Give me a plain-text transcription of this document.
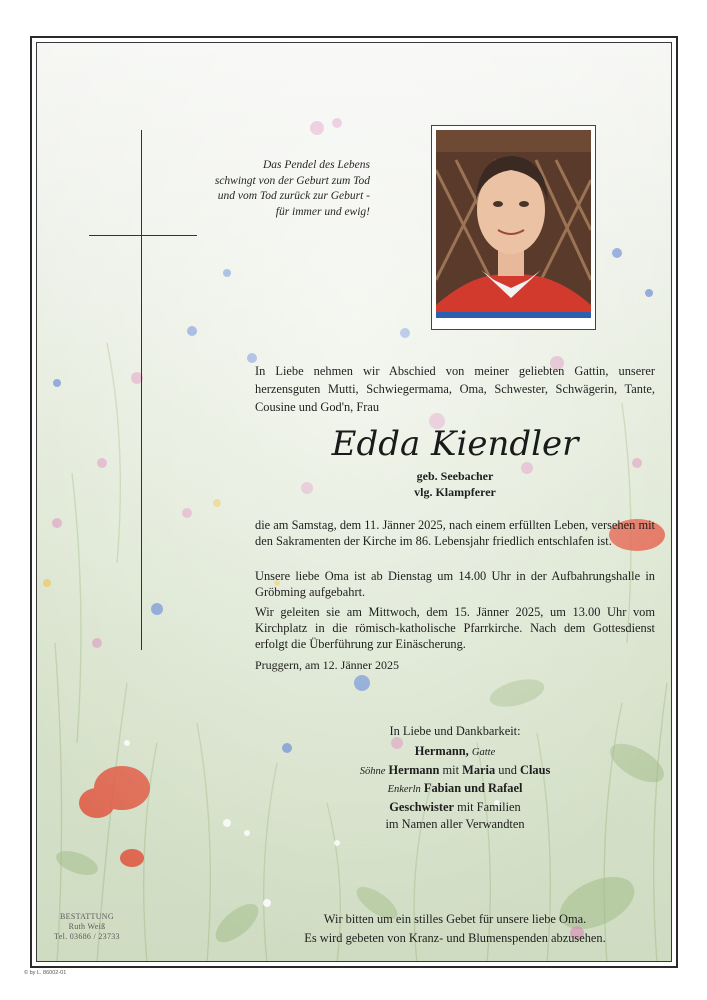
Das Pendel des Lebens
schwingt von der Geburt zum Tod
und vom Tod zurück zur Geburt -
für immer und ewig!
In Liebe nehmen wir Abschied von meiner geliebten Gattin, unserer herzensguten Mutti, Schwiegermama, Oma, Schwester, Schwägerin, Tante, Cousine und God'n, Frau
Edda Kiendler
geb. Seebacher
vlg. Klampferer
die am Samstag, dem 11. Jänner 2025, nach einem erfüllten Leben, versehen mit den Sakramenten der Kirche im 86. Lebensjahr friedlich entschlafen ist.
Unsere liebe Oma ist ab Dienstag um 14.00 Uhr in der Aufbahrungshalle in Gröbming aufgebahrt.
Wir geleiten sie am Mittwoch, dem 15. Jänner 2025, um 13.00 Uhr vom Kirchplatz in die römisch-katholische Pfarrkirche. Nach dem Gottesdienst erfolgt die Überführung zur Einäscherung.
Pruggern, am 12. Jänner 2025
In Liebe und Dankbarkeit:
Hermann, Gatte
Söhne Hermann mit Maria und Claus
Enkerln Fabian und Rafael
Geschwister mit Familien
im Namen aller Verwandten
Wir bitten um ein stilles Gebet für unsere liebe Oma.
Es wird gebeten von Kranz- und Blumenspenden abzusehen.
BESTATTUNG
Ruth Weiß
Tel. 03686 / 23733
© by L. 86002-01
